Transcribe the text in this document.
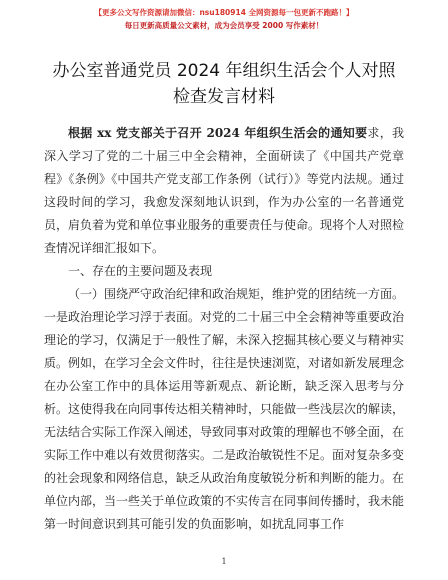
【更多公文写作资源请加微信：nsu180914 全网资源每一包更新不跑路！】
每日更新高质量公文素材，成为会员享受 2000 写作素材！
办公室普通党员 2024 年组织生活会个人对照检查发言材料

根据 xx 党支部关于召开 2024 年组织生活会的通知要求，我深入学习了党的二十届三中全会精神，全面研读了《中国共产党章程》《条例》《中国共产党支部工作条例（试行）》等党内法规。通过这段时间的学习，我愈发深刻地认识到，作为办公室的一名普通党员，肩负着为党和单位事业服务的重要责任与使命。现将个人对照检查情况详细汇报如下。

一、存在的主要问题及表现

（一）围绕严守政治纪律和政治规矩，维护党的团结统一方面。一是政治理论学习浮于表面。对党的二十届三中全会精神等重要政治理论的学习，仅满足于一般性了解，未深入挖掘其核心要义与精神实质。例如，在学习全会文件时，往往是快速浏览，对诸如新发展理念在办公室工作中的具体运用等新观点、新论断，缺乏深入思考与分析。这使得我在向同事传达相关精神时，只能做一些浅层次的解读，无法结合实际工作深入阐述，导致同事对政策的理解也不够全面，在实际工作中难以有效贯彻落实。二是政治敏锐性不足。面对复杂多变的社会现象和网络信息，缺乏从政治角度敏锐分析和判断的能力。在单位内部，当一些关于单位政策的不实传言在同事间传播时，我未能第一时间意识到其可能引发的负面影响，如扰乱同事工作

1
